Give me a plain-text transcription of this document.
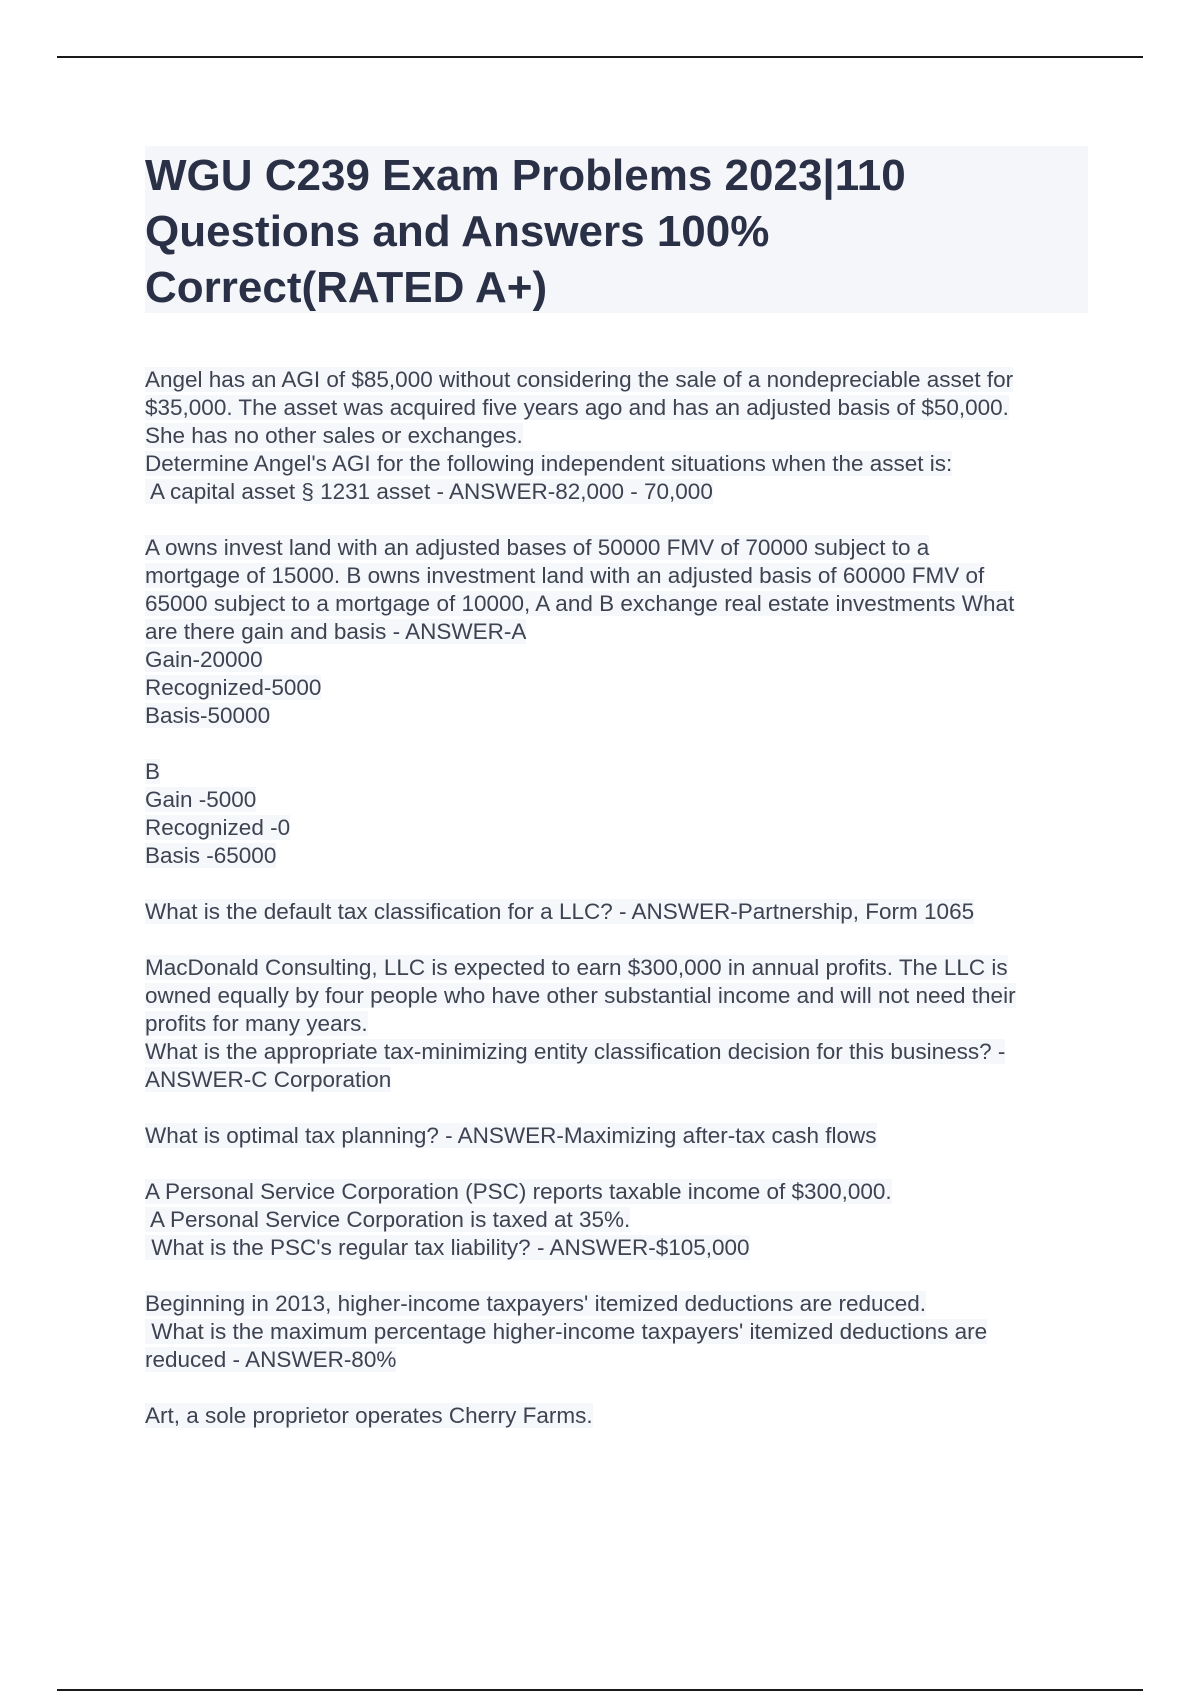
WGU C239 Exam Problems 2023|110
Questions and Answers 100%
Correct(RATED A+)
Angel has an AGI of $85,000 without considering the sale of a nondepreciable asset for
$35,000. The asset was acquired five years ago and has an adjusted basis of $50,000.
She has no other sales or exchanges.
Determine Angel's AGI for the following independent situations when the asset is:
A capital asset § 1231 asset - ANSWER-82,000 - 70,000
A owns invest land with an adjusted bases of 50000 FMV of 70000 subject to a
mortgage of 15000. B owns investment land with an adjusted basis of 60000 FMV of
65000 subject to a mortgage of 10000, A and B exchange real estate investments What
are there gain and basis - ANSWER-A
Gain-20000
Recognized-5000
Basis-50000
B
Gain -5000
Recognized -0
Basis -65000
What is the default tax classification for a LLC? - ANSWER-Partnership, Form 1065
MacDonald Consulting, LLC is expected to earn $300,000 in annual profits. The LLC is
owned equally by four people who have other substantial income and will not need their
profits for many years.
What is the appropriate tax-minimizing entity classification decision for this business? -
ANSWER-C Corporation
What is optimal tax planning? - ANSWER-Maximizing after-tax cash flows
A Personal Service Corporation (PSC) reports taxable income of $300,000.
A Personal Service Corporation is taxed at 35%.
What is the PSC's regular tax liability? - ANSWER-$105,000
Beginning in 2013, higher-income taxpayers' itemized deductions are reduced.
What is the maximum percentage higher-income taxpayers' itemized deductions are
reduced - ANSWER-80%
Art, a sole proprietor operates Cherry Farms.
